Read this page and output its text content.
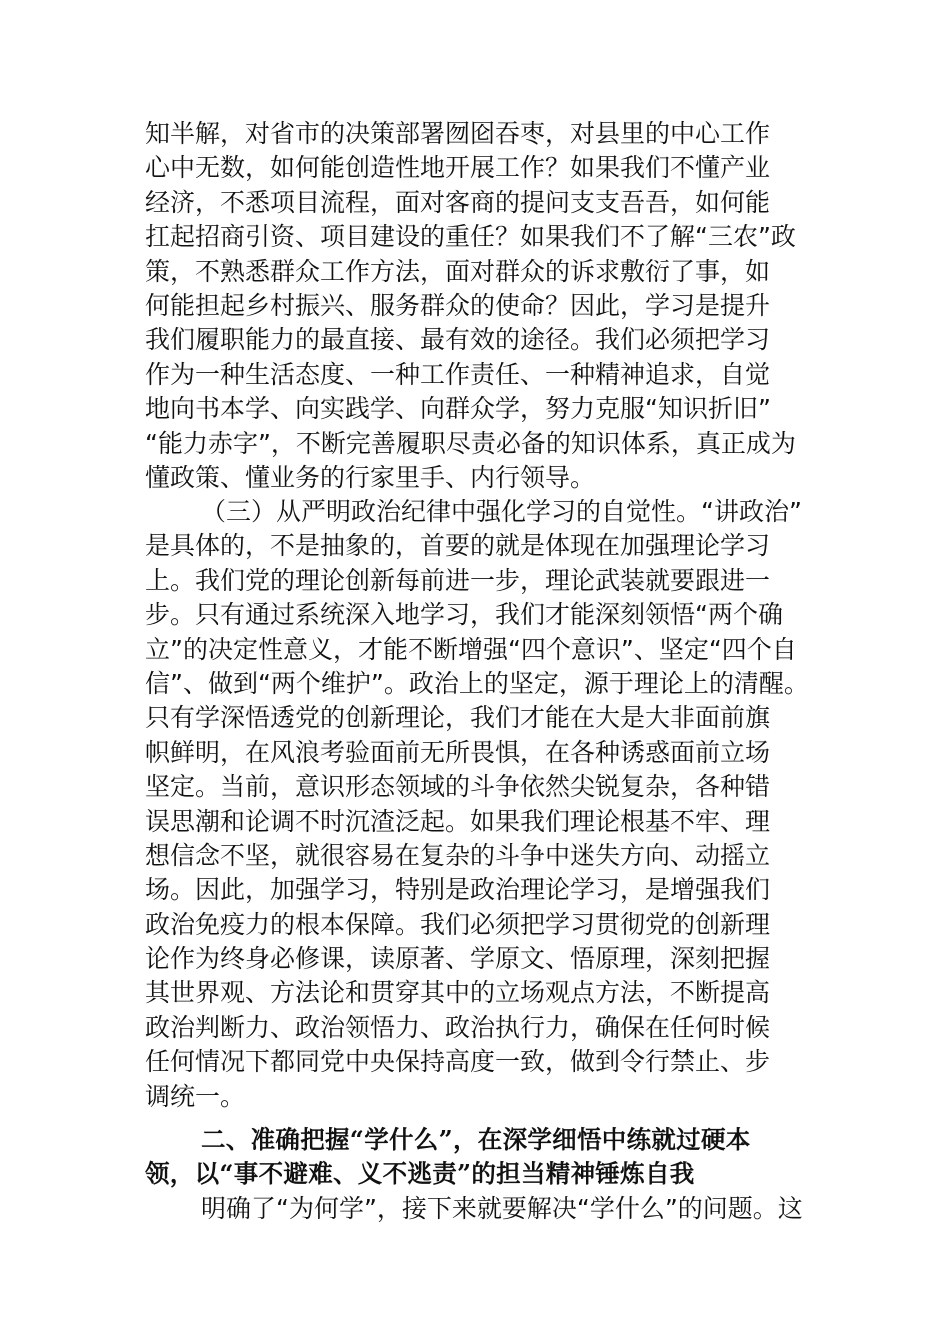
知半解，对省市的决策部署囫囵吞枣，对县里的中心工作
心中无数，如何能创造性地开展工作？如果我们不懂产业
经济，不悉项目流程，面对客商的提问支支吾吾，如何能
扛起招商引资、项目建设的重任？如果我们不了解“三农”政
策，不熟悉群众工作方法，面对群众的诉求敷衍了事，如
何能担起乡村振兴、服务群众的使命？因此，学习是提升
我们履职能力的最直接、最有效的途径。我们必须把学习
作为一种生活态度、一种工作责任、一种精神追求，自觉
地向书本学、向实践学、向群众学，努力克服“知识折旧”
“能力赤字”，不断完善履职尽责必备的知识体系，真正成为
懂政策、懂业务的行家里手、内行领导。
（三）从严明政治纪律中强化学习的自觉性。“讲政治”
是具体的，不是抽象的，首要的就是体现在加强理论学习
上。我们党的理论创新每前进一步，理论武装就要跟进一
步。只有通过系统深入地学习，我们才能深刻领悟“两个确
立”的决定性意义，才能不断增强“四个意识”、坚定“四个自
信”、做到“两个维护”。政治上的坚定，源于理论上的清醒。
只有学深悟透党的创新理论，我们才能在大是大非面前旗
帜鲜明，在风浪考验面前无所畏惧，在各种诱惑面前立场
坚定。当前，意识形态领域的斗争依然尖锐复杂，各种错
误思潮和论调不时沉渣泛起。如果我们理论根基不牢、理
想信念不坚，就很容易在复杂的斗争中迷失方向、动摇立
场。因此，加强学习，特别是政治理论学习，是增强我们
政治免疫力的根本保障。我们必须把学习贯彻党的创新理
论作为终身必修课，读原著、学原文、悟原理，深刻把握
其世界观、方法论和贯穿其中的立场观点方法，不断提高
政治判断力、政治领悟力、政治执行力，确保在任何时候
任何情况下都同党中央保持高度一致，做到令行禁止、步
调统一。
二、准确把握“学什么”，在深学细悟中练就过硬本
领，以“事不避难、义不逃责”的担当精神锤炼自我
明确了“为何学”，接下来就要解决“学什么”的问题。这
